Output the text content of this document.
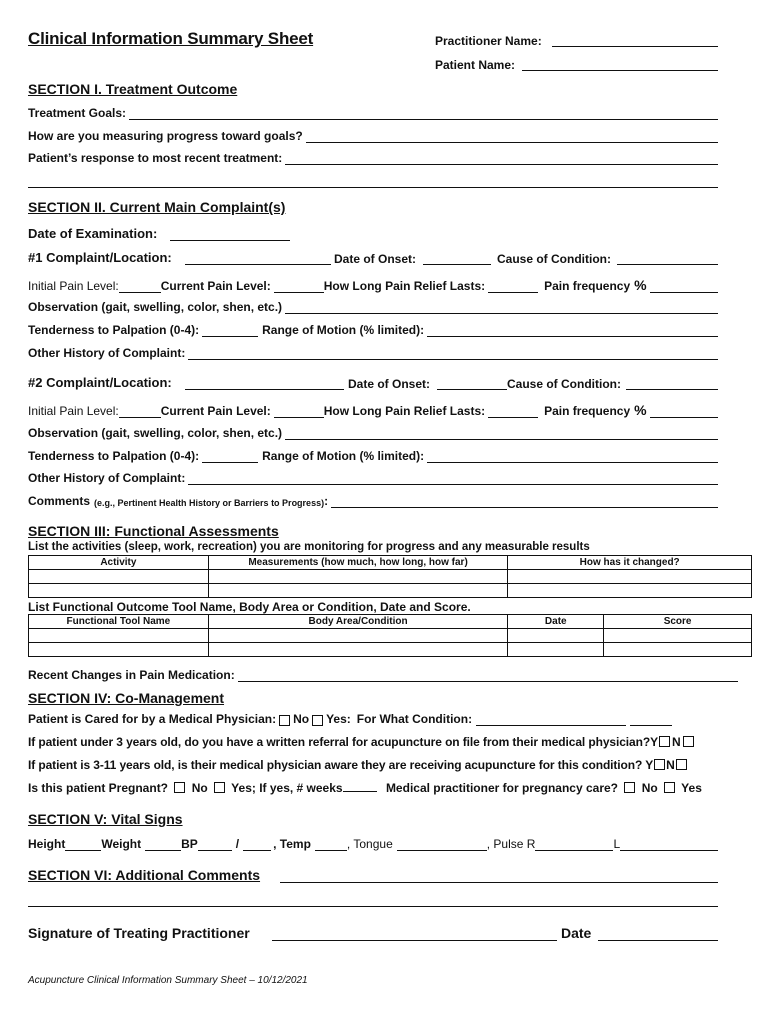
Clinical Information Summary Sheet	Practitioner Name:
Patient Name:
SECTION I. Treatment Outcome
Treatment Goals:
How are you measuring progress toward goals?
Patient’s response to most recent treatment:
SECTION II. Current Main Complaint(s)
Date of Examination:
#1 Complaint/Location:	Date of Onset:	Cause of Condition:
Initial Pain Level:	Current Pain Level:	How Long Pain Relief Lasts:	Pain frequency %
Observation (gait, swelling, color, shen, etc.)
Tenderness to Palpation (0-4):	Range of Motion (% limited):
Other History of Complaint:
#2 Complaint/Location:	Date of Onset:	Cause of Condition:
Initial Pain Level:	Current Pain Level:	How Long Pain Relief Lasts:	Pain frequency %
Observation (gait, swelling, color, shen, etc.)
Tenderness to Palpation (0-4):	Range of Motion (% limited):
Other History of Complaint:
Comments (e.g., Pertinent Health History or Barriers to Progress) :
SECTION III: Functional Assessments
List the activities (sleep, work, recreation) you are monitoring for progress and any measurable results
Activity	Measurements (how much, how long, how far)	How has it changed?

List Functional Outcome Tool Name, Body Area or Condition, Date and Score.
Functional Tool Name	Body Area/Condition	Date	Score

Recent Changes in Pain Medication:
SECTION IV: Co-Management
Patient is Cared for by a Medical Physician: No Yes: For What Condition:
If patient under 3 years old, do you have a written referral for acupuncture on file from their medical physician?Y N
If patient is 3-11 years old, is their medical physician aware they are receiving acupuncture for this condition? Y N
Is this patient Pregnant? No Yes; If yes, # weeks	Medical practitioner for pregnancy care? No Yes
SECTION V: Vital Signs
Height	Weight	BP	/	, Temp	, Tongue	, Pulse R	L
SECTION VI: Additional Comments
Signature of Treating Practitioner	Date
Acupuncture Clinical Information Summary Sheet – 10/12/2021
